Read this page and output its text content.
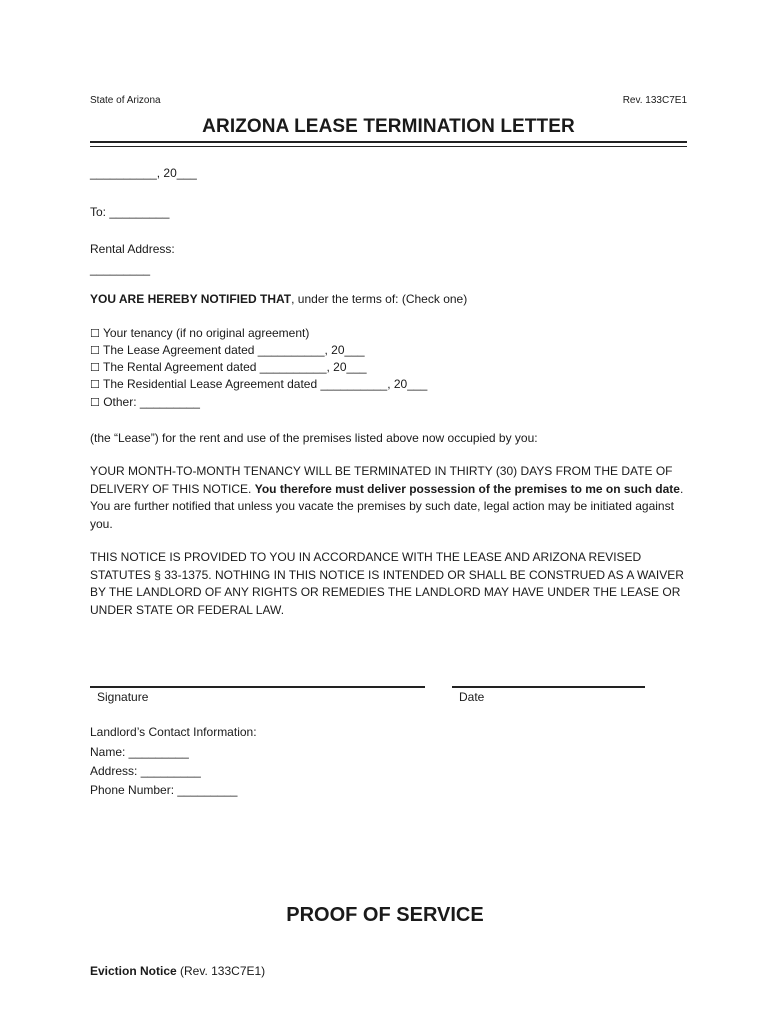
State of Arizona	Rev. 133C7E1
ARIZONA LEASE TERMINATION LETTER
__________, 20___
To: _________
Rental Address:
_________
YOU ARE HEREBY NOTIFIED THAT, under the terms of: (Check one)
☐ Your tenancy (if no original agreement)
☐ The Lease Agreement dated __________, 20___
☐ The Rental Agreement dated __________, 20___
☐ The Residential Lease Agreement dated __________, 20___
☐ Other: _________
(the “Lease”) for the rent and use of the premises listed above now occupied by you:
YOUR MONTH-TO-MONTH TENANCY WILL BE TERMINATED IN THIRTY (30) DAYS FROM THE DATE OF DELIVERY OF THIS NOTICE. You therefore must deliver possession of the premises to me on such date. You are further notified that unless you vacate the premises by such date, legal action may be initiated against you.
THIS NOTICE IS PROVIDED TO YOU IN ACCORDANCE WITH THE LEASE AND ARIZONA REVISED STATUTES § 33-1375. NOTHING IN THIS NOTICE IS INTENDED OR SHALL BE CONSTRUED AS A WAIVER BY THE LANDLORD OF ANY RIGHTS OR REMEDIES THE LANDLORD MAY HAVE UNDER THE LEASE OR UNDER STATE OR FEDERAL LAW.
Signature	Date
Landlord’s Contact Information:
Name: _________
Address: _________
Phone Number: _________
PROOF OF SERVICE
Eviction Notice (Rev. 133C7E1)
